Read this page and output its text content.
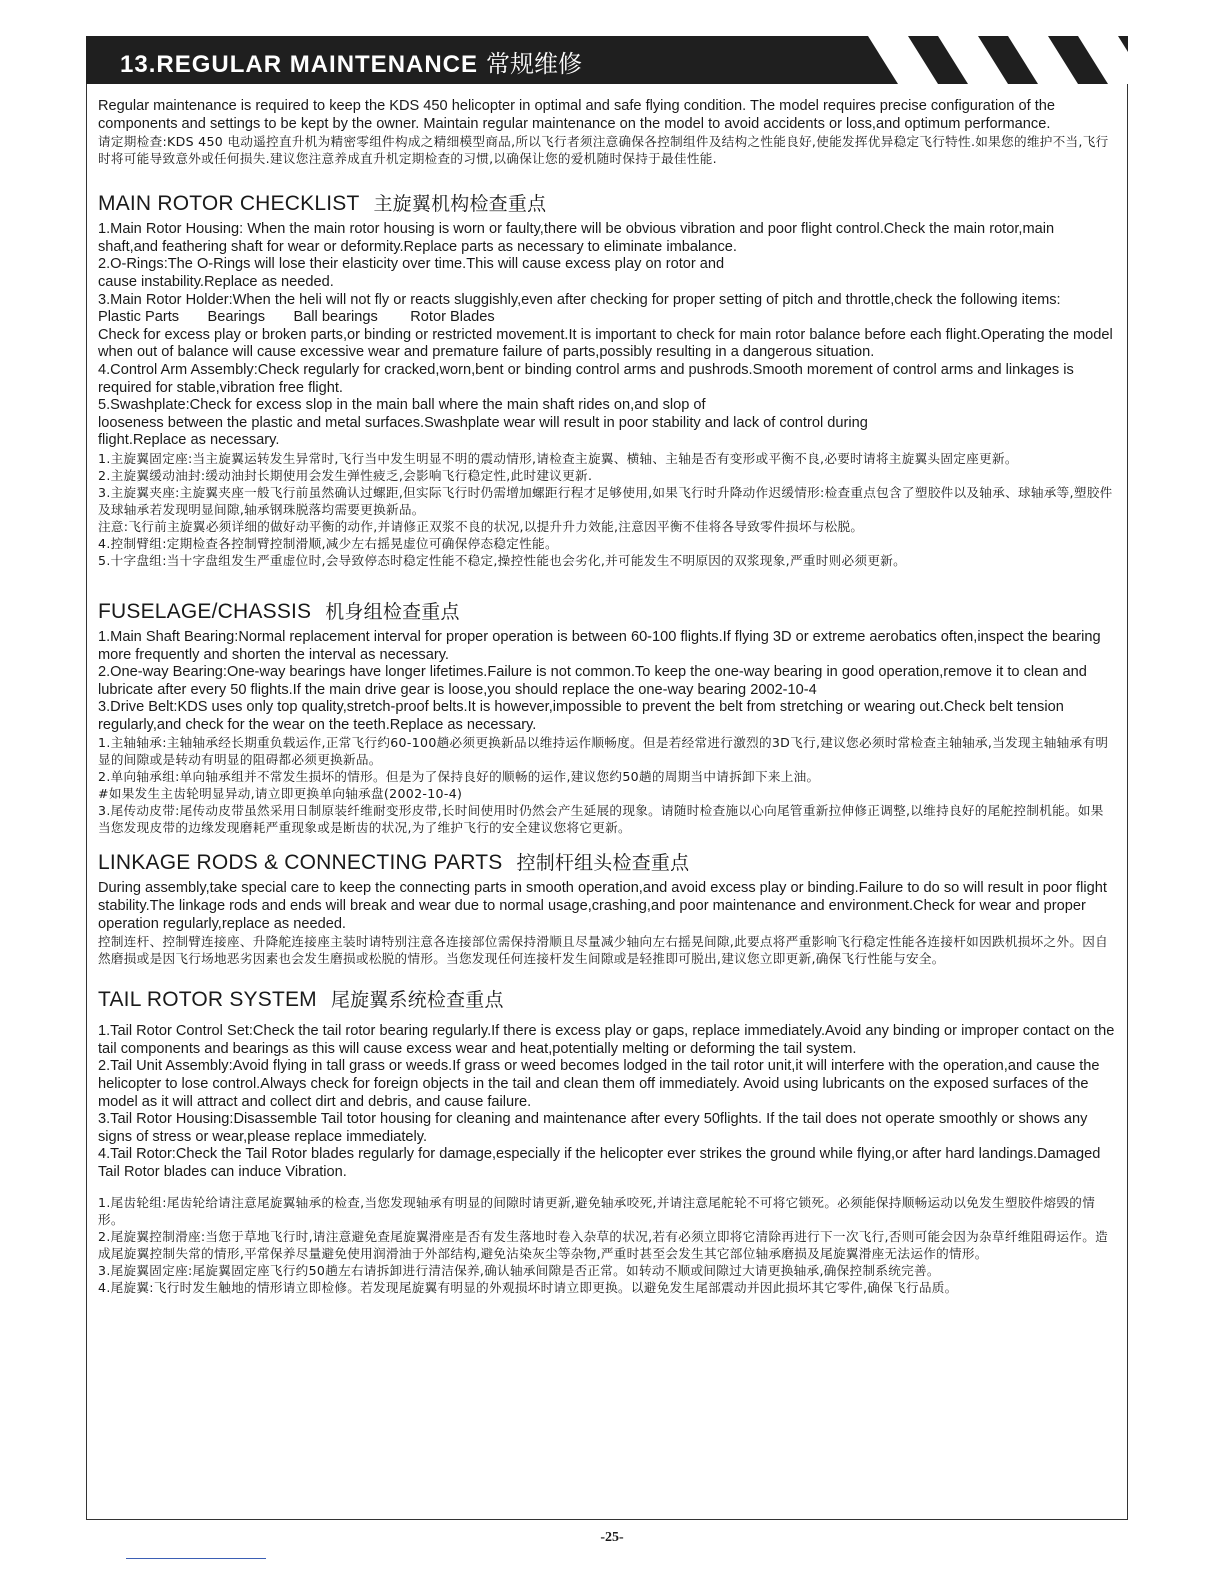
13.REGULAR MAINTENANCE 常规维修

Regular maintenance is required to keep the KDS 450 helicopter in optimal and safe flying condition. The model requires precise configuration of the components and settings to be kept by the owner. Maintain regular maintenance on the model to avoid accidents or loss,and optimum performance.

请定期检查:KDS 450 电动遥控直升机为精密零组件构成之精细模型商品,所以飞行者须注意确保各控制组件及结构之性能良好,使能发挥优异稳定飞行特性.如果您的维护不当,飞行时将可能导致意外或任何损失.建议您注意养成直升机定期检查的习惯,以确保让您的爱机随时保持于最佳性能.

MAIN ROTOR CHECKLIST 主旋翼机构检查重点

1.Main Rotor Housing: When the main rotor housing is worn or faulty,there will be obvious vibration and poor flight control.Check the main rotor,main shaft,and feathering shaft for wear or deformity.Replace parts as necessary to eliminate imbalance.

2.O-Rings:The O-Rings will lose their elasticity over time.This will cause excess play on rotor and

cause instability.Replace as needed.

3.Main Rotor Holder:When the heli will not fly or reacts sluggishly,even after checking for proper setting of pitch and throttle,check the following items:     Plastic Parts       Bearings       Ball bearings        Rotor Blades

Check for excess play or broken parts,or binding or restricted movement.It is important to check for main rotor balance before each flight.Operating the model when out of balance will cause excessive wear and premature failure of parts,possibly resulting in a dangerous situation.

4.Control Arm Assembly:Check regularly for cracked,worn,bent or binding control arms and pushrods.Smooth morement of control arms and linkages is required for stable,vibration free flight.

5.Swashplate:Check for excess slop in the main ball where the main shaft rides on,and slop of

looseness between the plastic and metal surfaces.Swashplate wear will result in poor stability and lack of control during

flight.Replace as necessary.

1.主旋翼固定座:当主旋翼运转发生异常时,飞行当中发生明显不明的震动情形,请检查主旋翼、横轴、主轴是否有变形或平衡不良,必要时请将主旋翼头固定座更新。

2.主旋翼缓动油封:缓动油封长期使用会发生弹性疲乏,会影响飞行稳定性,此时建议更新.

3.主旋翼夹座:主旋翼夹座一般飞行前虽然确认过螺距,但实际飞行时仍需增加螺距行程才足够使用,如果飞行时升降动作迟缓情形:检查重点包含了塑胶件以及轴承、球轴承等,塑胶件及球轴承若发现明显间隙,轴承钢珠脱落均需要更换新品。

注意:飞行前主旋翼必须详细的做好动平衡的动作,并请修正双浆不良的状况,以提升升力效能,注意因平衡不佳将各导致零件损坏与松脱。

4.控制臂组:定期检查各控制臂控制滑顺,减少左右摇晃虚位可确保停态稳定性能。

5.十字盘组:当十字盘组发生严重虚位时,会导致停态时稳定性能不稳定,操控性能也会劣化,并可能发生不明原因的双浆现象,严重时则必须更新。

FUSELAGE/CHASSIS 机身组检查重点

1.Main Shaft Bearing:Normal replacement interval for proper operation is between 60-100 flights.If flying 3D or extreme aerobatics often,inspect the bearing more frequently and shorten the interval as necessary.

2.One-way Bearing:One-way bearings have longer lifetimes.Failure is not common.To keep the one-way bearing in good operation,remove it to clean and lubricate after every 50 flights.If the main drive gear is loose,you should replace the one-way bearing 2002-10-4

3.Drive Belt:KDS uses only top quality,stretch-proof belts.It is however,impossible to prevent the belt from stretching or wearing out.Check belt tension regularly,and check for the wear on the teeth.Replace as necessary.

1.主轴轴承:主轴轴承经长期重负载运作,正常飞行约60-100趟必须更换新品以维持运作顺畅度。但是若经常进行激烈的3D飞行,建议您必须时常检查主轴轴承,当发现主轴轴承有明显的间隙或是转动有明显的阻碍都必须更换新品。

2.单向轴承组:单向轴承组并不常发生损坏的情形。但是为了保持良好的顺畅的运作,建议您约50趟的周期当中请拆卸下来上油。

#如果发生主齿轮明显异动,请立即更换单向轴承盘(2002-10-4)

3.尾传动皮带:尾传动皮带虽然采用日制原装纤维耐变形皮带,长时间使用时仍然会产生延展的现象。请随时检查施以心向尾管重新拉伸修正调整,以维持良好的尾舵控制机能。如果当您发现皮带的边缘发现磨耗严重现象或是断齿的状况,为了维护飞行的安全建议您将它更新。

LINKAGE RODS & CONNECTING PARTS 控制杆组头检查重点

During assembly,take special care to keep the connecting parts in smooth operation,and avoid excess play or binding.Failure to do so will result in poor flight stability.The linkage rods and ends will break and wear due to normal usage,crashing,and poor maintenance and environment.Check for wear and proper operation regularly,replace as needed.

控制连杆、控制臂连接座、升降舵连接座主装时请特别注意各连接部位需保持滑顺且尽量减少轴向左右摇晃间隙,此要点将严重影响飞行稳定性能各连接杆如因跌机损坏之外。因自然磨损或是因飞行场地恶劣因素也会发生磨损或松脱的情形。当您发现任何连接杆发生间隙或是轻推即可脱出,建议您立即更新,确保飞行性能与安全。

TAIL ROTOR SYSTEM 尾旋翼系统检查重点

1.Tail Rotor Control Set:Check the tail rotor bearing regularly.If there is excess play or gaps, replace immediately.Avoid any binding or improper contact on the tail components and bearings as this will cause excess wear and heat,potentially melting or deforming the tail system.

2.Tail Unit Assembly:Avoid flying in tall grass or weeds.If grass or weed becomes lodged in the tail rotor unit,it will interfere with the operation,and cause the helicopter to lose control.Always check for foreign objects in the tail and clean them off immediately. Avoid using lubricants on the exposed surfaces of the model as it will attract and collect dirt and debris, and cause failure.

3.Tail Rotor Housing:Disassemble Tail totor housing for cleaning and maintenance after every 50flights. If the tail does not operate smoothly or shows any signs of stress or wear,please replace immediately.

4.Tail Rotor:Check the Tail Rotor blades regularly for damage,especially if the helicopter ever strikes the ground while flying,or after hard landings.Damaged Tail Rotor blades can induce Vibration.

1.尾齿轮组:尾齿轮给请注意尾旋翼轴承的检查,当您发现轴承有明显的间隙时请更新,避免轴承咬死,并请注意尾舵轮不可将它锁死。必须能保持顺畅运动以免发生塑胶件熔毁的情形。

2.尾旋翼控制滑座:当您于草地飞行时,请注意避免查尾旋翼滑座是否有发生落地时卷入杂草的状况,若有必须立即将它清除再进行下一次飞行,否则可能会因为杂草纤维阻碍运作。造成尾旋翼控制失常的情形,平常保养尽量避免使用润滑油于外部结构,避免沾染灰尘等杂物,严重时甚至会发生其它部位轴承磨损及尾旋翼滑座无法运作的情形。

3.尾旋翼固定座:尾旋翼固定座飞行约50趟左右请拆卸进行清洁保养,确认轴承间隙是否正常。如转动不顺或间隙过大请更换轴承,确保控制系统完善。

4.尾旋翼:飞行时发生触地的情形请立即检修。若发现尾旋翼有明显的外观损坏时请立即更换。以避免发生尾部震动并因此损坏其它零件,确保飞行品质。

-25-
